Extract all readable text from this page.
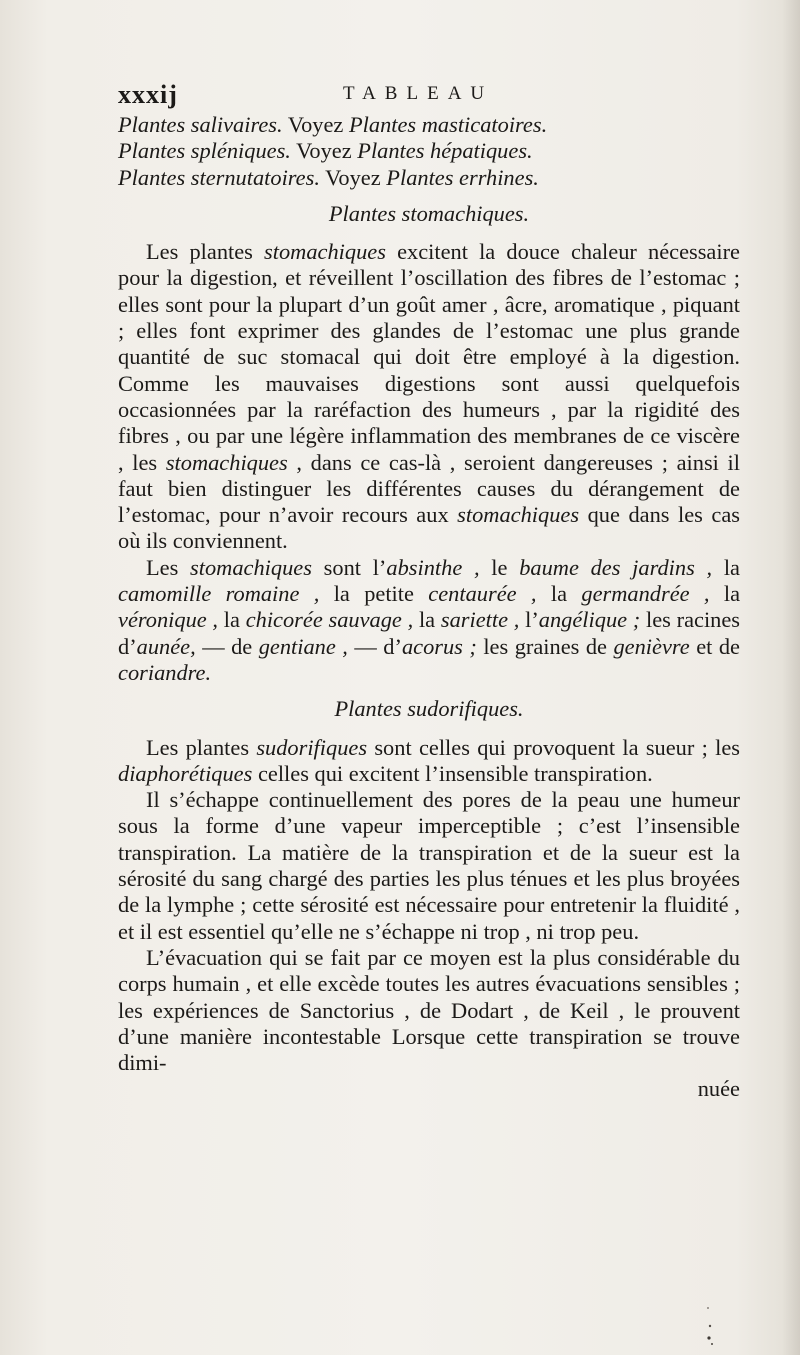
xxxij	TABLEAU

Plantes salivaires. Voyez Plantes masticatoires.

Plantes spléniques. Voyez Plantes hépatiques.

Plantes sternutatoires. Voyez Plantes errhines.

Plantes stomachiques.

Les plantes stomachiques excitent la douce chaleur nécessaire pour la digestion, et réveillent l’oscillation des fibres de l’estomac ; elles sont pour la plupart d’un goût amer , âcre, aromatique , piquant ; elles font exprimer des glandes de l’estomac une plus grande quantité de suc stomacal qui doit être employé à la digestion. Comme les mauvaises digestions sont aussi quelquefois occasionnées par la raréfaction des humeurs , par la rigidité des fibres , ou par une légère inflammation des membranes de ce viscère , les stomachiques , dans ce cas-là , seroient dangereuses ; ainsi il faut bien distinguer les différentes causes du dérangement de l’estomac, pour n’avoir recours aux stomachiques que dans les cas où ils conviennent.

Les stomachiques sont l’absinthe , le baume des jardins , la camomille romaine , la petite centaurée , la germandrée , la véronique , la chicorée sauvage , la sariette , l’angélique ; les racines d’aunée, — de gentiane , — d’acorus ; les graines de genièvre et de coriandre.

Plantes sudorifiques.

Les plantes sudorifiques sont celles qui provoquent la sueur ; les diaphorétiques celles qui excitent l’insensible transpiration.

Il s’échappe continuellement des pores de la peau une humeur sous la forme d’une vapeur imperceptible ; c’est l’insensible transpiration. La matière de la transpiration et de la sueur est la sérosité du sang chargé des parties les plus ténues et les plus broyées de la lymphe ; cette sérosité est nécessaire pour entretenir la fluidité , et il est essentiel qu’elle ne s’échappe ni trop , ni trop peu.

L’évacuation qui se fait par ce moyen est la plus considérable du corps humain , et elle excède toutes les autres évacuations sensibles ; les expériences de Sanctorius , de Dodart , de Keil , le prouvent d’une manière incontestable Lorsque cette transpiration se trouve dimi-

nuée
